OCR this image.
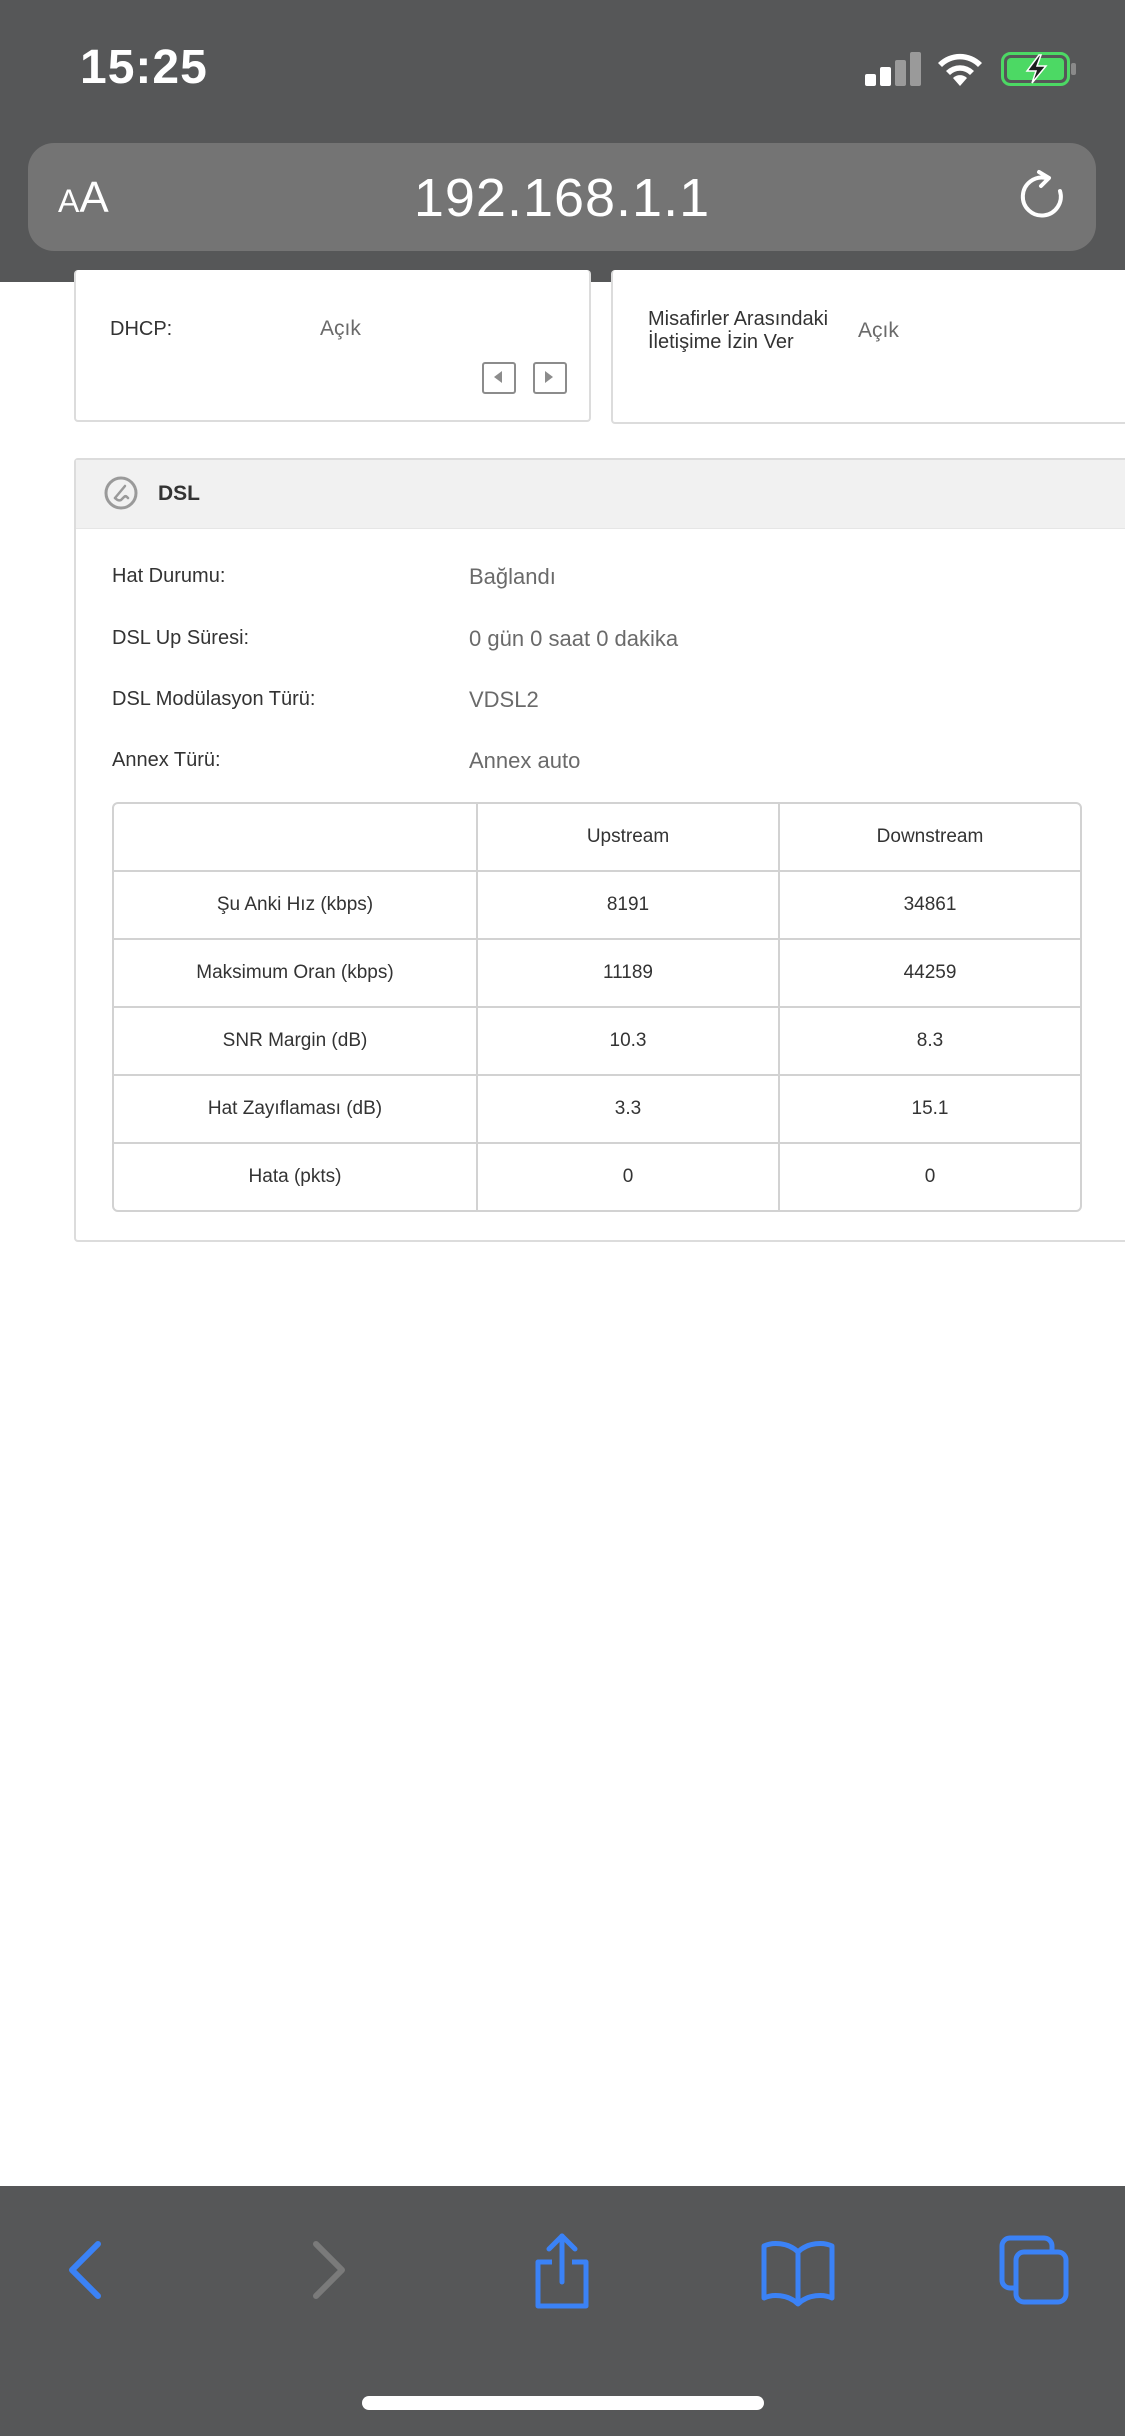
15:25
AA	192.168.1.1
DHCP:	Açık	Misafirler Arasındaki
İletişime İzin Ver	Açık
DSL
Hat Durumu:	Bağlandı
DSL Up Süresi:	0 gün 0 saat 0 dakika
DSL Modülasyon Türü:	VDSL2
Annex Türü:	Annex auto
	Upstream	Downstream
Şu Anki Hız (kbps)	8191	34861
Maksimum Oran (kbps)	11189	44259
SNR Margin (dB)	10.3	8.3
Hat Zayıflaması (dB)	3.3	15.1
Hata (pkts)	0	0
